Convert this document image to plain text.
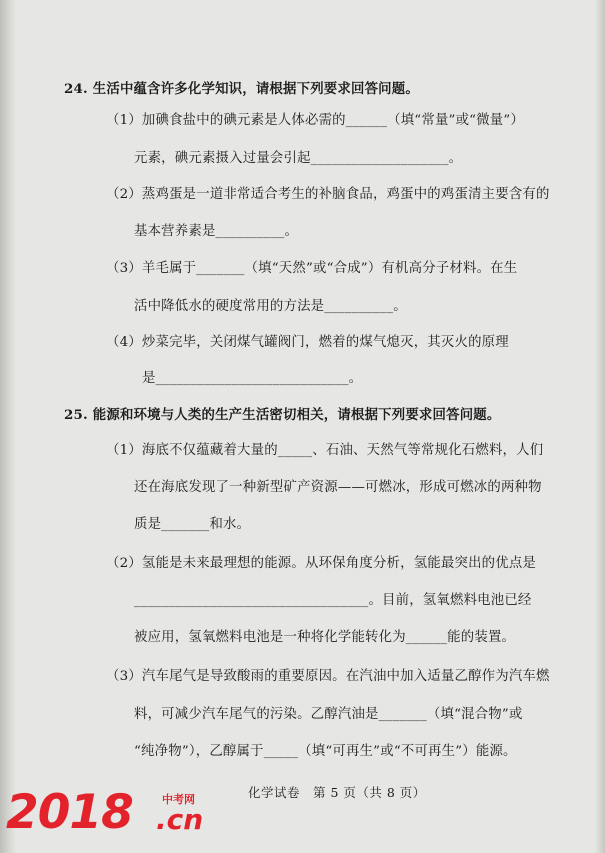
24. 生活中蕴含许多化学知识，请根据下列要求回答问题。
（1）加碘食盐中的碘元素是人体必需的______（填“常量”或“微量”）
元素，碘元素摄入过量会引起____________________。
（2）蒸鸡蛋是一道非常适合考生的补脑食品，鸡蛋中的鸡蛋清主要含有的
基本营养素是__________。
（3）羊毛属于_______（填“天然”或“合成”）有机高分子材料。在生
活中降低水的硬度常用的方法是__________。
（4）炒菜完毕，关闭煤气罐阀门，燃着的煤气熄灭，其灭火的原理
是____________________________。
25. 能源和环境与人类的生产生活密切相关，请根据下列要求回答问题。
（1）海底不仅蕴藏着大量的_____、石油、天然气等常规化石燃料，人们
还在海底发现了一种新型矿产资源——可燃冰，形成可燃冰的两种物
质是_______和水。
（2）氢能是未来最理想的能源。从环保角度分析，氢能最突出的优点是
__________________________________。目前，氢氧燃料电池已经
被应用，氢氧燃料电池是一种将化学能转化为______能的装置。
（3）汽车尾气是导致酸雨的重要原因。在汽油中加入适量乙醇作为汽车燃
料，可减少汽车尾气的污染。乙醇汽油是_______（填“混合物”或
“纯净物”），乙醇属于_____（填“可再生”或“不可再生”）能源。
化学试卷　第 5 页（共 8 页）
2018	中考网
.cn
